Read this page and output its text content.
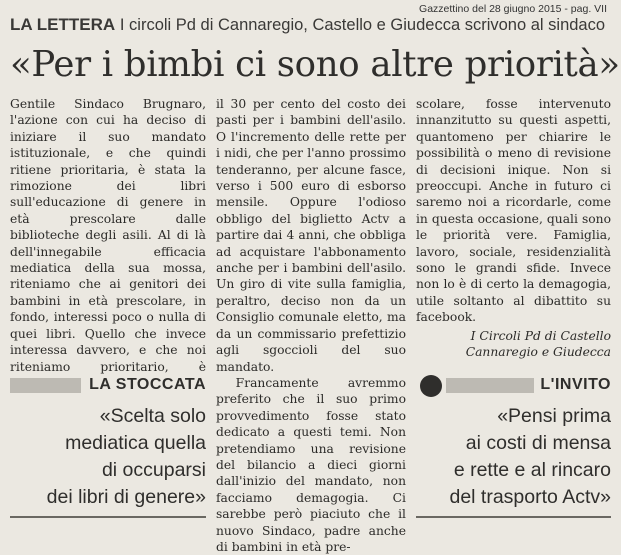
Gazzettino del 28 giugno 2015 - pag. VII
LA LETTERA I circoli Pd di Cannaregio, Castello e Giudecca scrivono al sindaco
«Per i bimbi ci sono altre priorità»

Gentile Sindaco Brugnaro, l'azione con cui ha deciso di iniziare il suo mandato istituzionale, e che quindi ritiene prioritaria, è stata la rimozione dei libri sull'educazione di genere in età prescolare dalle biblioteche degli asili. Al di là dell'innegabile efficacia mediatica della sua mossa, riteniamo che ai genitori dei bambini in età prescolare, in fondo, interessi poco o nulla di quei libri. Quello che invece interessa davvero, e che noi riteniamo prioritario, è

il 30 per cento del costo dei pasti per i bambini dell'asilo. O l'incremento delle rette per i nidi, che per l'anno prossimo tenderanno, per alcune fasce, verso i 500 euro di esborso mensile. Oppure l'odioso obbligo del biglietto Actv a partire dai 4 anni, che obbliga ad acquistare l'abbonamento anche per i bambini dell'asilo. Un giro di vite sulla famiglia, peraltro, deciso non da un Consiglio comunale eletto, ma da un commissario prefettizio agli sgoccioli del suo mandato.

Francamente avremmo preferito che il suo primo provvedimento fosse stato dedicato a questi temi. Non pretendiamo una revisione del bilancio a dieci giorni dall'inizio del mandato, non facciamo demagogia. Ci sarebbe però piaciuto che il nuovo Sindaco, padre anche di bambini in età pre-

scolare, fosse intervenuto innanzitutto su questi aspetti, quantomeno per chiarire le possibilità o meno di revisione di decisioni inique. Non si preoccupi. Anche in futuro ci saremo noi a ricordarle, come in questa occasione, quali sono le priorità vere. Famiglia, lavoro, sociale, residenzialità sono le grandi sfide. Invece non lo è di certo la demagogia, utile soltanto al dibattito su facebook.

I Circoli Pd di Castello
Cannaregio e Giudecca

LA STOCCATA
«Scelta solo
mediatica quella
di occuparsi
dei libri di genere»
L'INVITO
«Pensi prima
ai costi di mensa
e rette e al rincaro
del trasporto Actv»
